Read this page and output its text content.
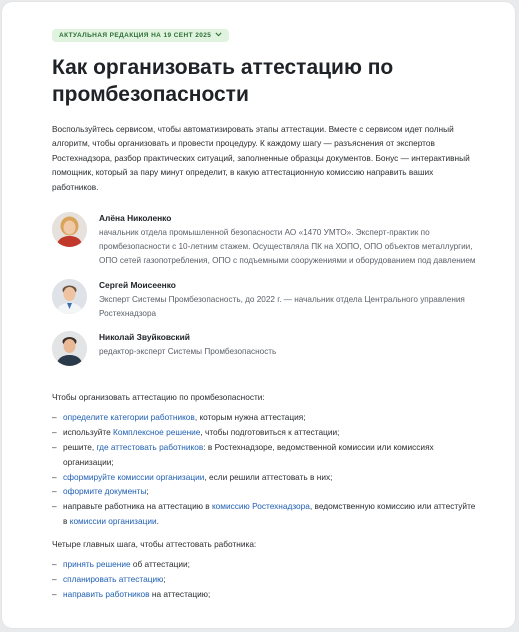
АКТУАЛЬНАЯ РЕДАКЦИЯ НА 19 СЕНТ 2025
Как организовать аттестацию по промбезопасности

Воспользуйтесь сервисом, чтобы автоматизировать этапы аттестации. Вместе с сервисом идет полный алгоритм, чтобы организовать и провести процедуру. К каждому шагу — разъяснения от экспертов Ростехнадзора, разбор практических ситуаций, заполненные образцы документов. Бонус — интерактивный помощник, который за пару минут определит, в какую аттестационную комиссию направить ваших работников.

Алёна Николенко
начальник отдела промышленной безопасности АО «1470 УМТО». Эксперт-практик по промбезопасности с 10-летним стажем. Осуществляла ПК на ХОПО, ОПО объектов металлургии, ОПО сетей газопотребления, ОПО с подъемными сооружениями и оборудованием под давлением
Сергей Моисеенко
Эксперт Системы Промбезопасность, до 2022 г. — начальник отдела Центрального управления Ростехнадзора
Николай Звуйковский
редактор-эксперт Системы Промбезопасность
Чтобы организовать аттестацию по промбезопасности:
– определите категории работников, которым нужна аттестация;
– используйте Комплексное решение, чтобы подготовиться к аттестации;
– решите, где аттестовать работников: в Ростехнадзоре, ведомственной комиссии или комиссиях организации;
– сформируйте комиссии организации, если решили аттестовать в них;
– оформите документы;
– направьте работника на аттестацию в комиссию Ростехнадзора, ведомственную комиссию или аттестуйте в комиссии организации.
Четыре главных шага, чтобы аттестовать работника:
– принять решение об аттестации;
– спланировать аттестацию;
– направить работников на аттестацию;
